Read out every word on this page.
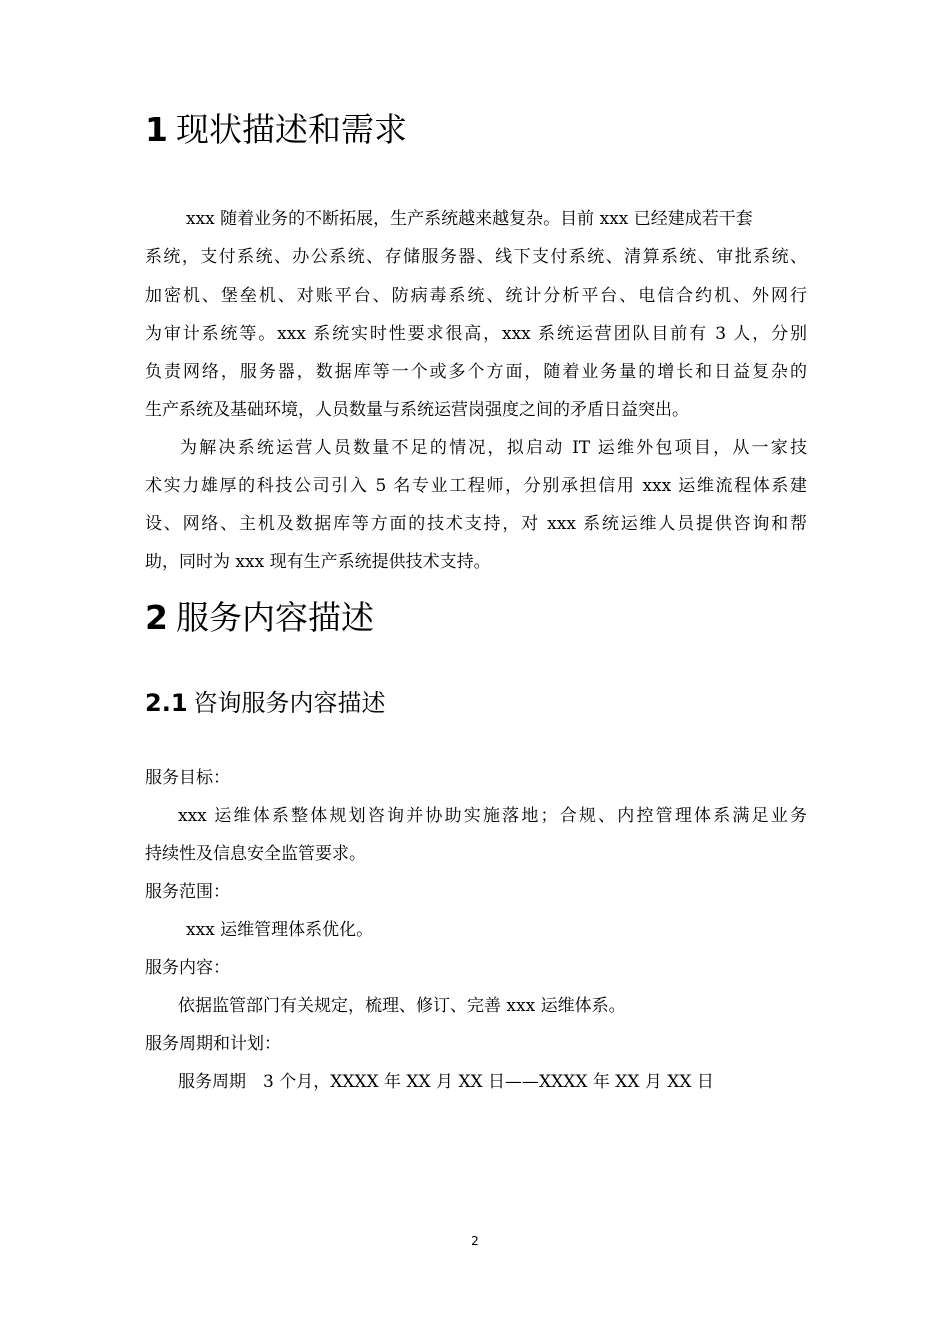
1 现状描述和需求
xxx 随着业务的不断拓展，生产系统越来越复杂。目前 xxx 已经建成若干套
系统，支付系统、办公系统、存储服务器、线下支付系统、清算系统、审批系统、
加密机、堡垒机、对账平台、防病毒系统、统计分析平台、电信合约机、外网行
为审计系统等。xxx 系统实时性要求很高，xxx 系统运营团队目前有 3 人，分别
负责网络，服务器，数据库等一个或多个方面，随着业务量的增长和日益复杂的
生产系统及基础环境，人员数量与系统运营岗强度之间的矛盾日益突出。
为解决系统运营人员数量不足的情况，拟启动 IT 运维外包项目，从一家技
术实力雄厚的科技公司引入 5 名专业工程师，分别承担信用 xxx 运维流程体系建
设、网络、主机及数据库等方面的技术支持，对 xxx 系统运维人员提供咨询和帮
助，同时为 xxx 现有生产系统提供技术支持。
2 服务内容描述
2.1 咨询服务内容描述
服务目标：
xxx 运维体系整体规划咨询并协助实施落地；合规、内控管理体系满足业务
持续性及信息安全监管要求。
服务范围：
xxx 运维管理体系优化。
服务内容：
依据监管部门有关规定，梳理、修订、完善 xxx 运维体系。
服务周期和计划：
服务周期　3 个月，XXXX 年 XX 月 XX 日——XXXX 年 XX 月 XX 日
2
